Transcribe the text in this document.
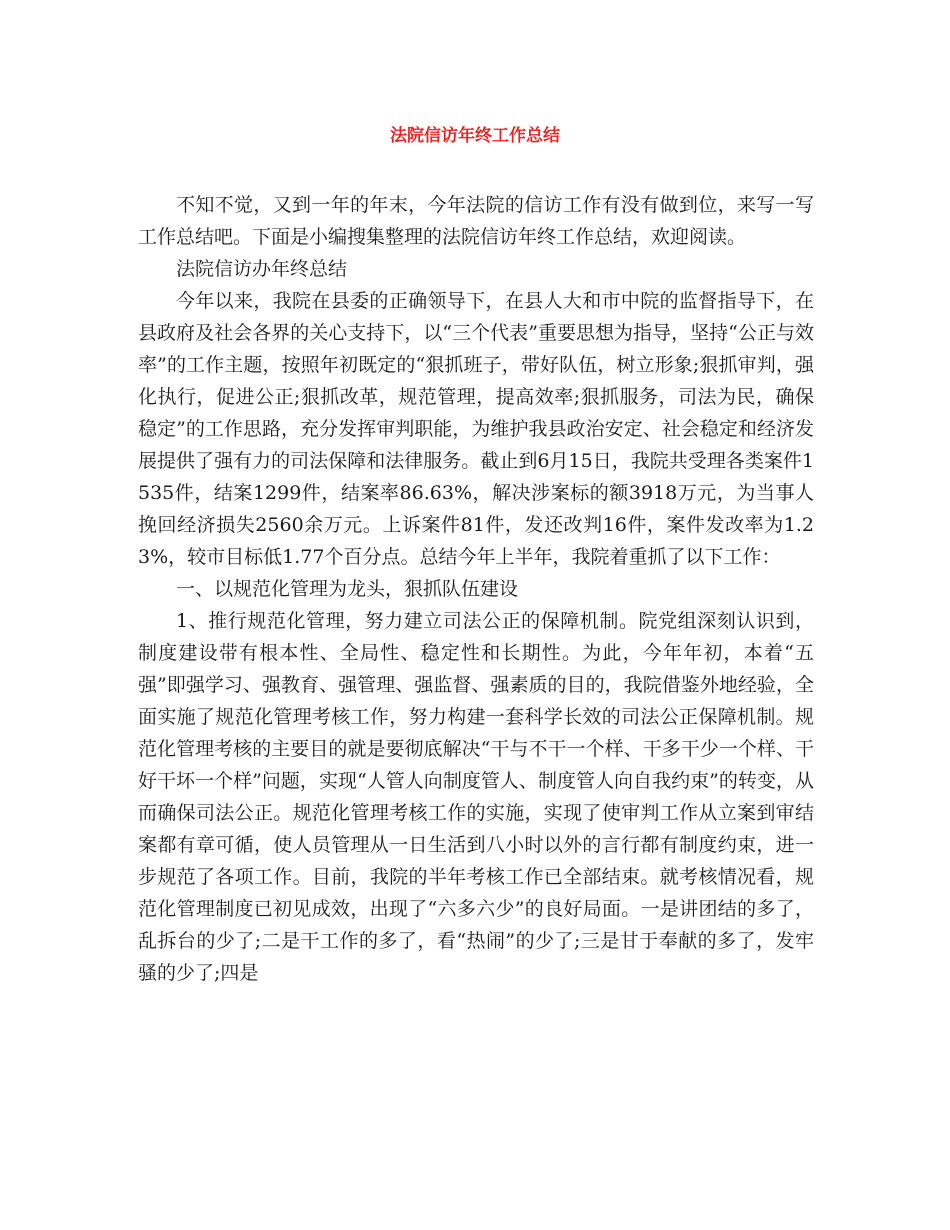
法院信访年终工作总结

不知不觉，又到一年的年末，今年法院的信访工作有没有做到位，来写一写工作总结吧。下面是小编搜集整理的法院信访年终工作总结，欢迎阅读。

法院信访办年终总结

今年以来，我院在县委的正确领导下，在县人大和市中院的监督指导下，在县政府及社会各界的关心支持下，以“三个代表”重要思想为指导，坚持“公正与效率”的工作主题，按照年初既定的“狠抓班子，带好队伍，树立形象;狠抓审判，强化执行，促进公正;狠抓改革，规范管理，提高效率;狠抓服务，司法为民，确保稳定”的工作思路，充分发挥审判职能，为维护我县政治安定、社会稳定和经济发展提供了强有力的司法保障和法律服务。截止到6月15日，我院共受理各类案件1535件，结案1299件，结案率86.63%，解决涉案标的额3918万元，为当事人挽回经济损失2560余万元。上诉案件81件，发还改判16件，案件发改率为1.23%，较市目标低1.77个百分点。总结今年上半年，我院着重抓了以下工作：

一、以规范化管理为龙头，狠抓队伍建设

1、推行规范化管理，努力建立司法公正的保障机制。院党组深刻认识到，制度建设带有根本性、全局性、稳定性和长期性。为此，今年年初，本着“五强”即强学习、强教育、强管理、强监督、强素质的目的，我院借鉴外地经验，全面实施了规范化管理考核工作，努力构建一套科学长效的司法公正保障机制。规范化管理考核的主要目的就是要彻底解决“干与不干一个样、干多干少一个样、干好干坏一个样”问题，实现“人管人向制度管人、制度管人向自我约束”的转变，从而确保司法公正。规范化管理考核工作的实施，实现了使审判工作从立案到审结案都有章可循，使人员管理从一日生活到八小时以外的言行都有制度约束，进一步规范了各项工作。目前，我院的半年考核工作已全部结束。就考核情况看，规范化管理制度已初见成效，出现了“六多六少”的良好局面。一是讲团结的多了，乱拆台的少了;二是干工作的多了，看“热闹”的少了;三是甘于奉献的多了，发牢骚的少了;四是
